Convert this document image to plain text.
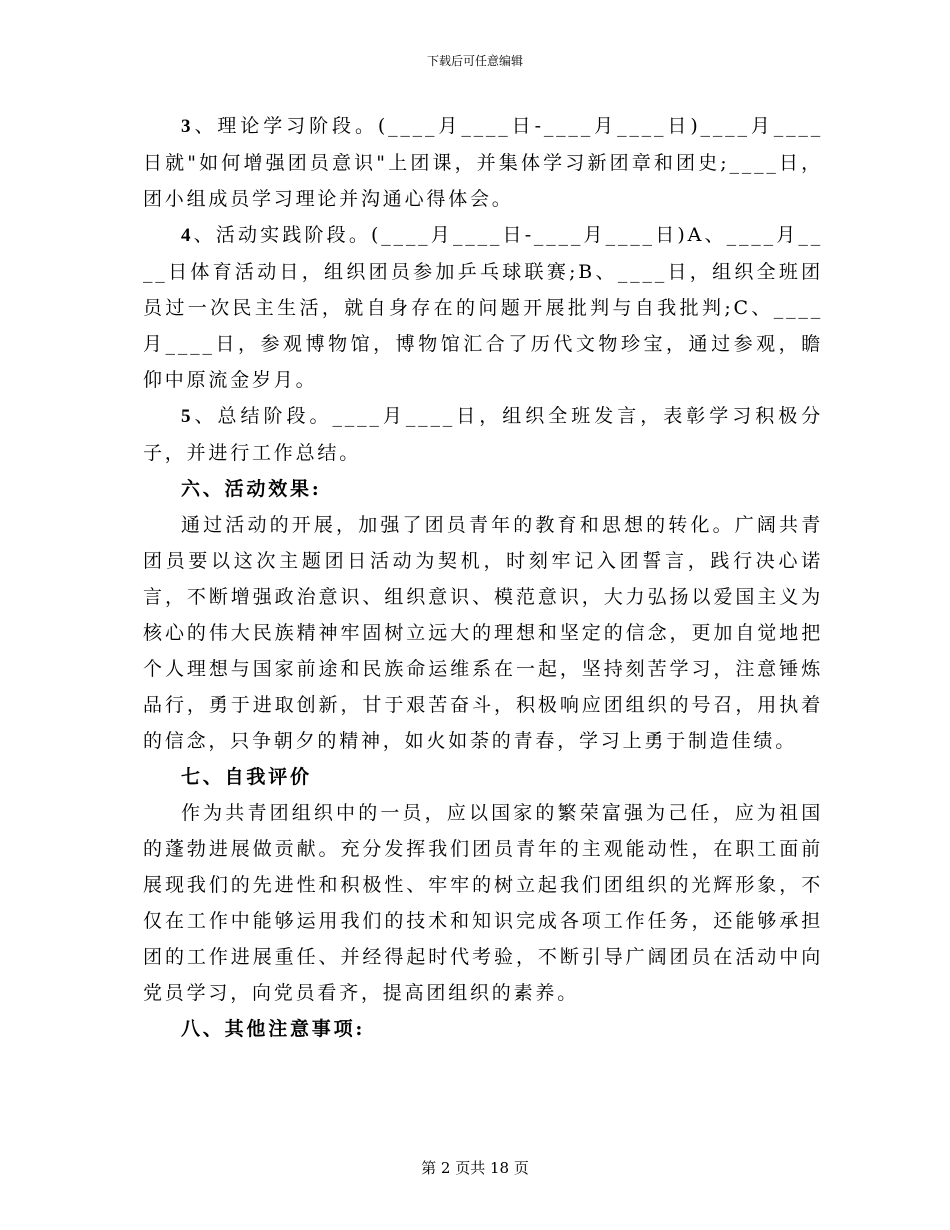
下载后可任意编辑

3、理论学习阶段。(____月____日-____月____日)____月____日就"如何增强团员意识"上团课，并集体学习新团章和团史;____日，团小组成员学习理论并沟通心得体会。

4、活动实践阶段。(____月____日-____月____日)A、____月____日体育活动日，组织团员参加乒乓球联赛;B、____日，组织全班团员过一次民主生活，就自身存在的问题开展批判与自我批判;C、____月____日，参观博物馆，博物馆汇合了历代文物珍宝，通过参观，瞻仰中原流金岁月。

5、总结阶段。____月____日，组织全班发言，表彰学习积极分子，并进行工作总结。

六、活动效果:

通过活动的开展，加强了团员青年的教育和思想的转化。广阔共青团员要以这次主题团日活动为契机，时刻牢记入团誓言，践行决心诺言，不断增强政治意识、组织意识、模范意识，大力弘扬以爱国主义为核心的伟大民族精神牢固树立远大的理想和坚定的信念，更加自觉地把个人理想与国家前途和民族命运维系在一起，坚持刻苦学习，注意锤炼品行，勇于进取创新，甘于艰苦奋斗，积极响应团组织的号召，用执着的信念，只争朝夕的精神，如火如荼的青春，学习上勇于制造佳绩。

七、自我评价

作为共青团组织中的一员，应以国家的繁荣富强为己任，应为祖国的蓬勃进展做贡献。充分发挥我们团员青年的主观能动性，在职工面前展现我们的先进性和积极性、牢牢的树立起我们团组织的光辉形象，不仅在工作中能够运用我们的技术和知识完成各项工作任务，还能够承担团的工作进展重任、并经得起时代考验，不断引导广阔团员在活动中向党员学习，向党员看齐，提高团组织的素养。

八、其他注意事项:

第 2 页共 18 页
